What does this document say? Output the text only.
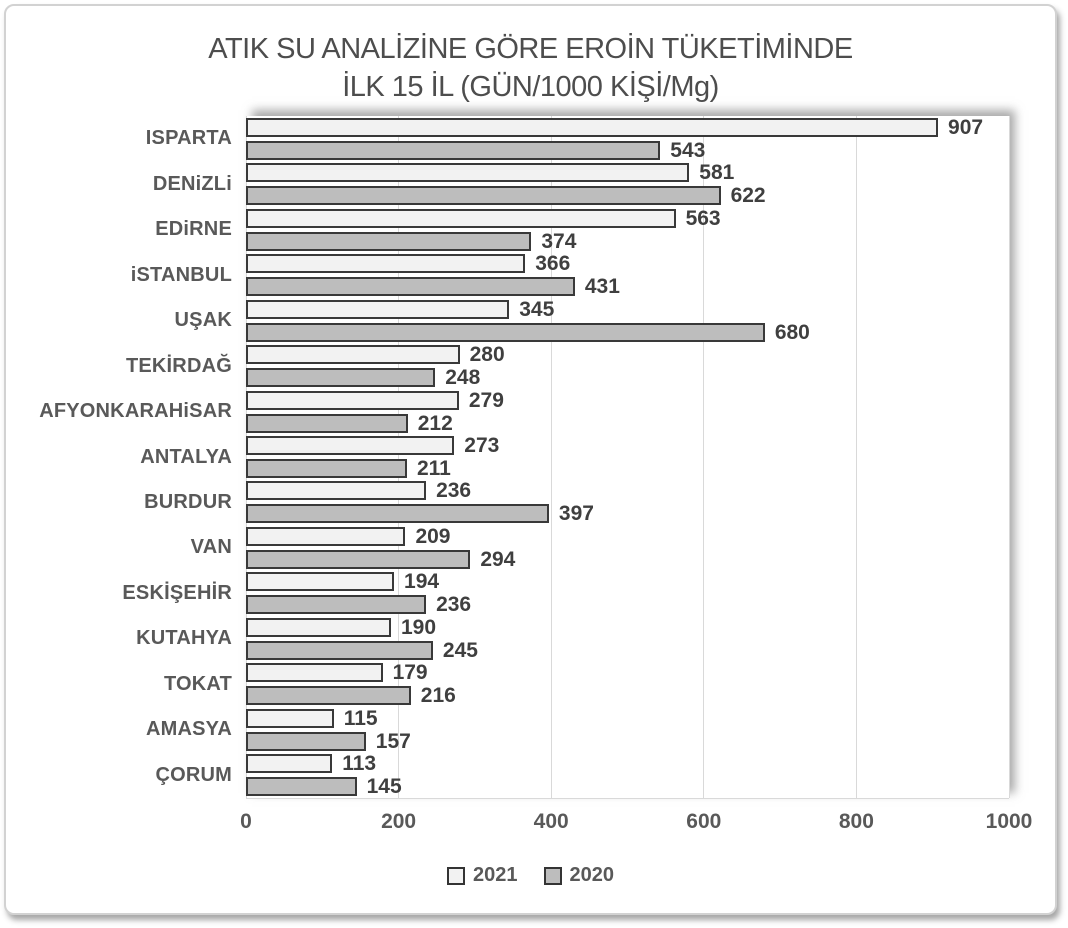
ATIK SU ANALİZİNE GÖRE EROİN TÜKETİMİNDE
İLK 15 İL (GÜN/1000 KİŞİ/Mg)
ISPARTA
DENiZLi
EDiRNE
iSTANBUL
UŞAK
TEKİRDAĞ
AFYONKARAHiSAR
ANTALYA
BURDUR
VAN
ESKİŞEHİR
KUTAHYA
TOKAT
AMASYA
ÇORUM
907
543
581
622
563
374
366
431
345
680
280
248
279
212
273
211
236
397
209
294
194
236
190
245
179
216
115
157
113
145
0	200	400	600	800	1000
2021	2020
